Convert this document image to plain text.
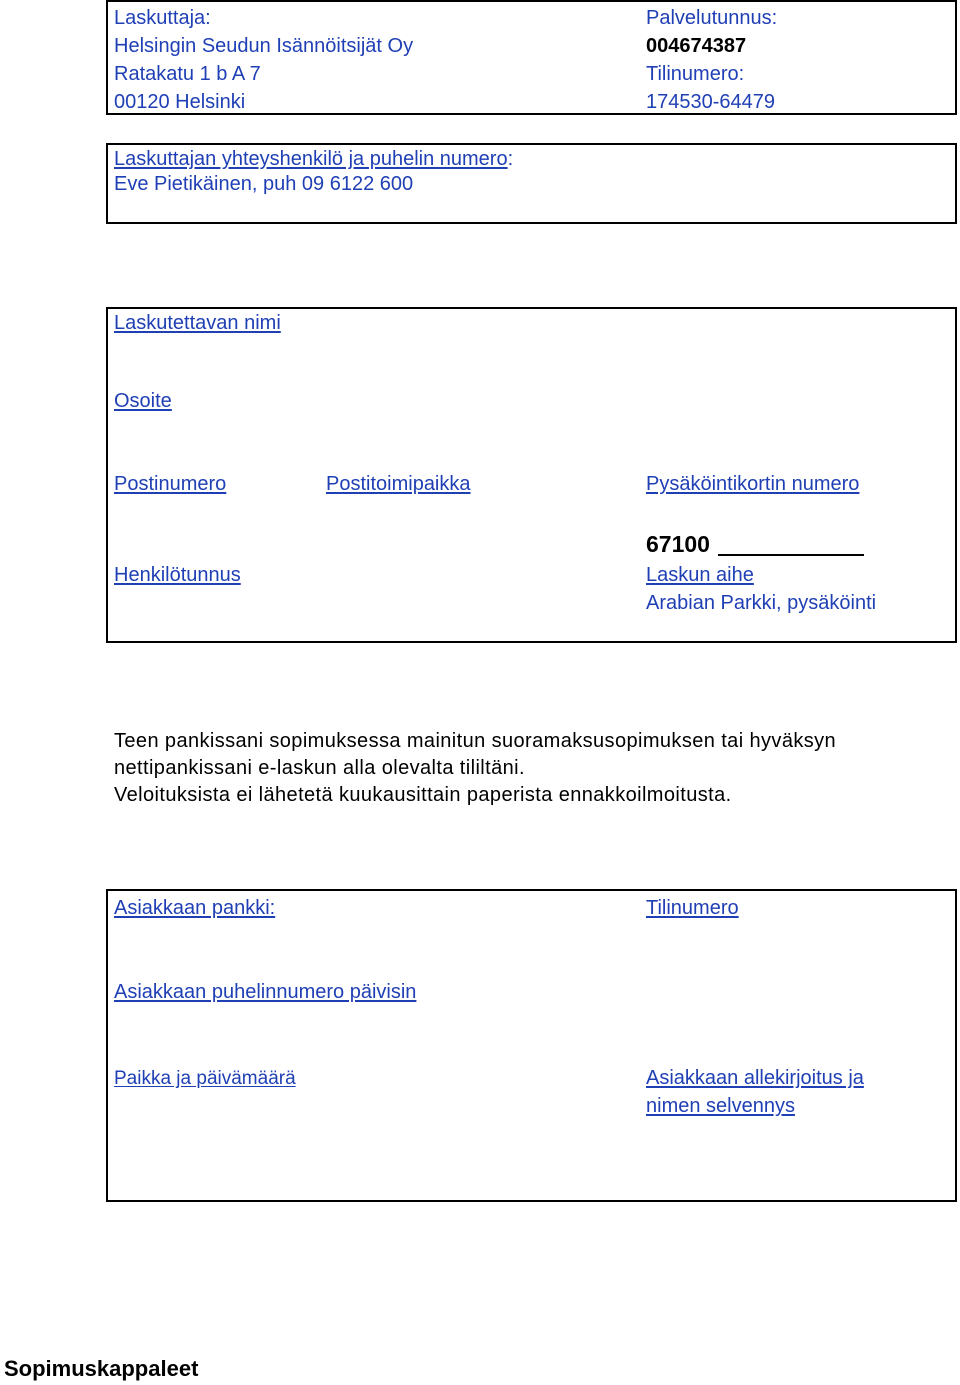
Laskuttaja:
Helsingin Seudun Isännöitsijät Oy
Ratakatu 1 b A 7
00120 Helsinki
Palvelutunnus:
004674387
Tilinumero:
174530-64479
Laskuttajan yhteyshenkilö ja puhelin numero:
Eve Pietikäinen, puh 09 6122 600
Laskutettavan nimi
Osoite
Postinumero	Postitoimipaikka	Pysäköintikortin numero
67100
Henkilötunnus	Laskun aihe
Arabian Parkki, pysäköinti
Teen pankissani sopimuksessa mainitun suoramaksusopimuksen tai hyväksyn
nettipankissani e-laskun alla olevalta tililtäni.
Veloituksista ei lähetetä kuukausittain paperista ennakkoilmoitusta.
Asiakkaan pankki:	Tilinumero
Asiakkaan puhelinnumero päivisin
Paikka ja päivämäärä	Asiakkaan allekirjoitus ja
nimen selvennys
Sopimuskappaleet
